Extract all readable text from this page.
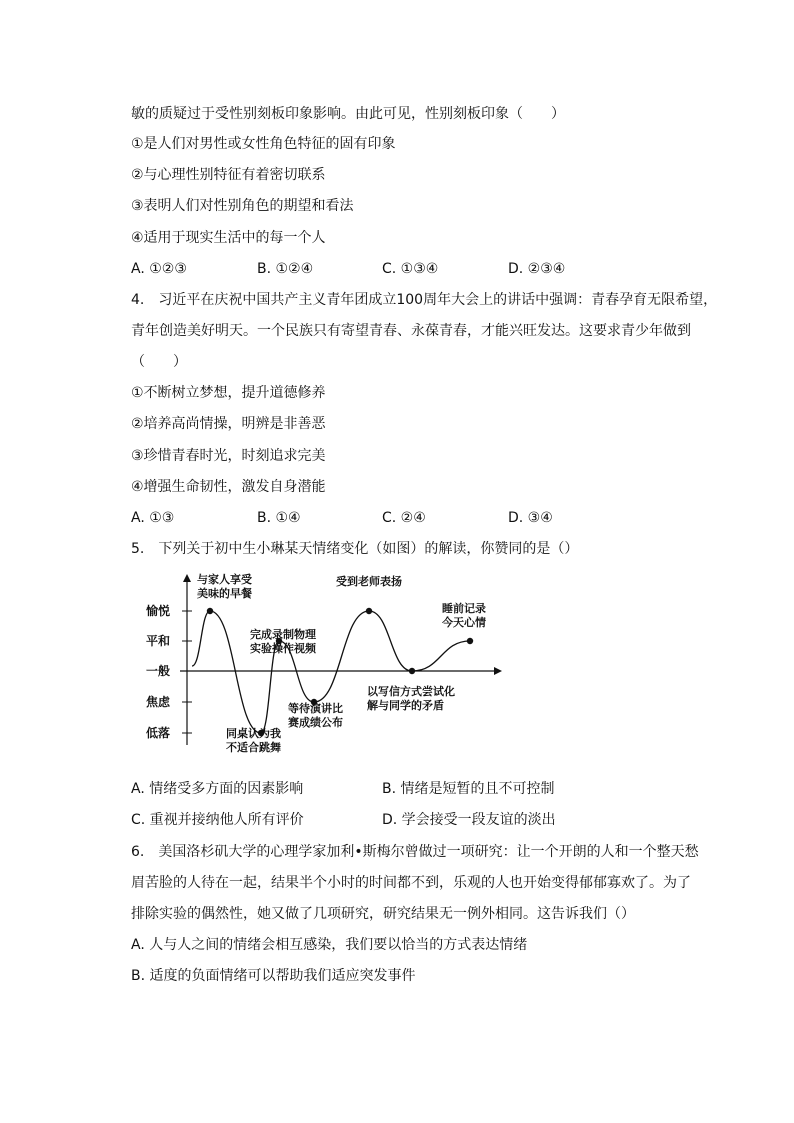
敏的质疑过于受性别刻板印象影响。由此可见，性别刻板印象（　　）
①是人们对男性或女性角色特征的固有印象
②与心理性别特征有着密切联系
③表明人们对性别角色的期望和看法
④适用于现实生活中的每一个人
A. ①②③	B. ①②④	C. ①③④	D. ②③④
4.　习近平在庆祝中国共产主义青年团成立100周年大会上的讲话中强调：青春孕育无限希望，
青年创造美好明天。一个民族只有寄望青春、永葆青春，才能兴旺发达。这要求青少年做到
（　　）
①不断树立梦想，提升道德修养
②培养高尚情操，明辨是非善恶
③珍惜青春时光，时刻追求完美
④增强生命韧性，激发自身潜能
A. ①③	B. ①④	C. ②④	D. ③④
5.　下列关于初中生小琳某天情绪变化（如图）的解读，你赞同的是（）
低落
焦虑
一般
平和
愉悦
与家人享受
美味的早餐
同桌认为我
不适合跳舞
完成录制物理
实验操作视频
等待演讲比
赛成绩公布
受到老师表扬
以写信方式尝试化
解与同学的矛盾
睡前记录
今天心情
A. 情绪受多方面的因素影响	B. 情绪是短暂的且不可控制
C. 重视并接纳他人所有评价	D. 学会接受一段友谊的淡出
6.　美国洛杉矶大学的心理学家加利•斯梅尔曾做过一项研究：让一个开朗的人和一个整天愁
眉苦脸的人待在一起，结果半个小时的时间都不到，乐观的人也开始变得郁郁寡欢了。为了
排除实验的偶然性，她又做了几项研究，研究结果无一例外相同。这告诉我们（）
A. 人与人之间的情绪会相互感染，我们要以恰当的方式表达情绪
B. 适度的负面情绪可以帮助我们适应突发事件
